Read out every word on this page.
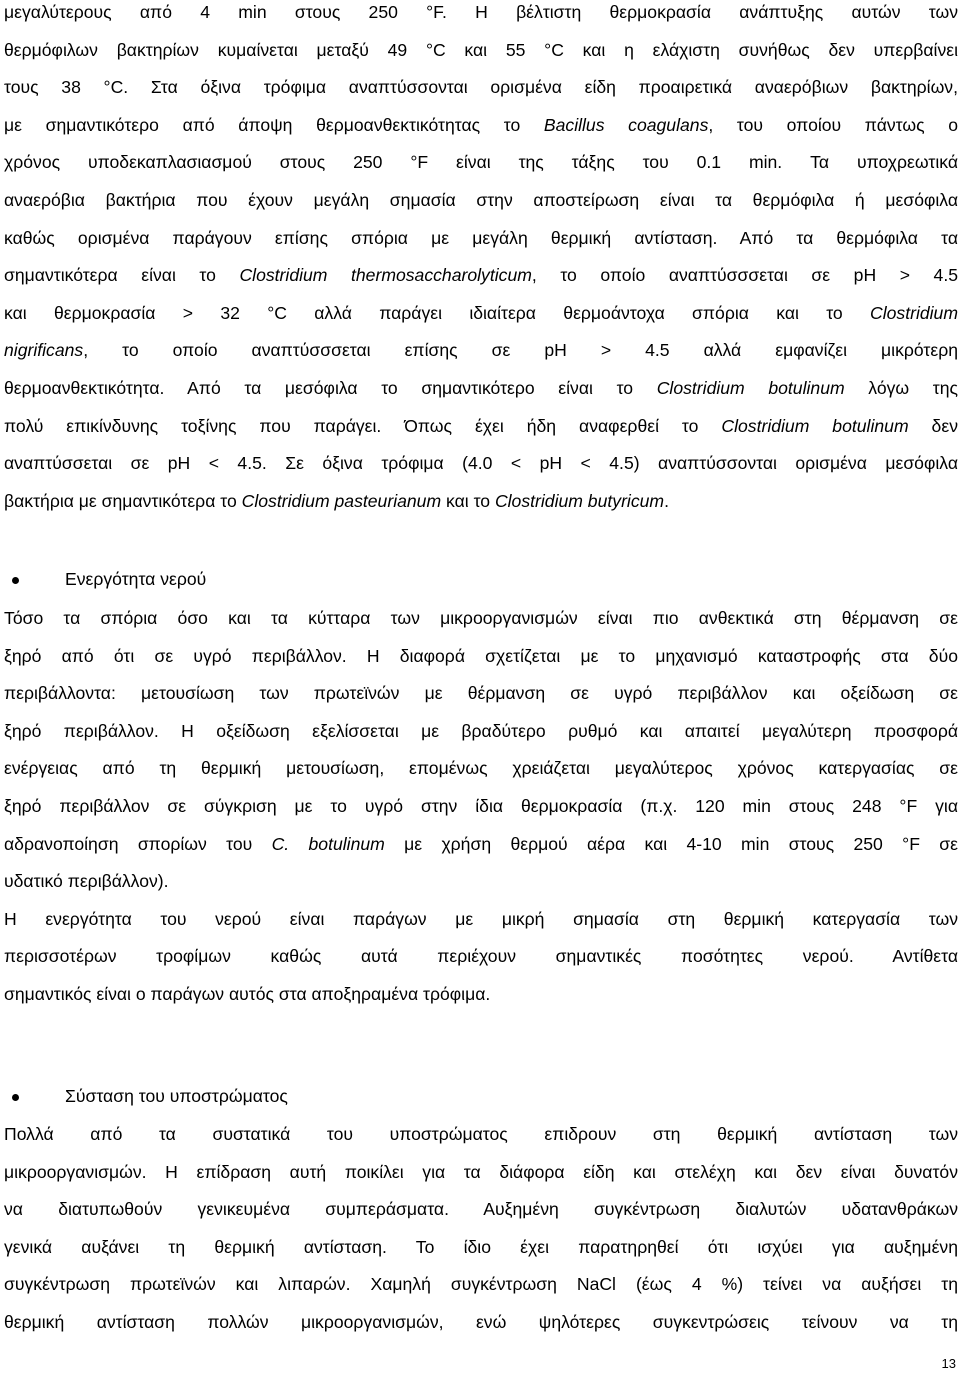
μεγαλύτερους από 4 min στους 250 °F. Η βέλτιστη θερμοκρασία ανάπτυξης αυτών των
θερμόφιλων βακτηρίων κυμαίνεται μεταξύ 49 °C και 55 °C και η ελάχιστη συνήθως δεν υπερβαίνει
τους 38 °C. Στα όξινα τρόφιμα αναπτύσσονται ορισμένα είδη προαιρετικά αναερόβιων βακτηρίων,
με σημαντικότερο από άποψη θερμοανθεκτικότητας το Bacillus coagulans, του οποίου πάντως ο
χρόνος υποδεκαπλασιασμού στους 250 °F είναι της τάξης του 0.1 min. Τα υποχρεωτικά
αναερόβια βακτήρια που έχουν μεγάλη σημασία στην αποστείρωση είναι τα θερμόφιλα ή μεσόφιλα
καθώς ορισμένα παράγουν επίσης σπόρια με μεγάλη θερμική αντίσταση. Από τα θερμόφιλα τα
σημαντικότερα είναι το Clostridium thermosaccharolyticum, το οποίο αναπτύσσσεται σε pH > 4.5
και θερμοκρασία > 32 °C αλλά παράγει ιδιαίτερα θερμοάντοχα σπόρια και το Clostridium
nigrificans, το οποίο αναπτύσσσεται επίσης σε pH > 4.5 αλλά εμφανίζει μικρότερη
θερμοανθεκτικότητα. Από τα μεσόφιλα το σημαντικότερο είναι το Clostridium botulinum λόγω της
πολύ επικίνδυνης τοξίνης που παράγει. Όπως έχει ήδη αναφερθεί το Clostridium botulinum δεν
αναπτύσσεται σε pH < 4.5. Σε όξινα τρόφιμα (4.0 < pH < 4.5) αναπτύσσονται ορισμένα μεσόφιλα
βακτήρια με σημαντικότερα το Clostridium pasteurianum και το Clostridium butyricum.
Ενεργότητα νερού
Τόσο τα σπόρια όσο και τα κύτταρα των μικροοργανισμών είναι πιο ανθεκτικά στη θέρμανση σε
ξηρό από ότι σε υγρό περιβάλλον. Η διαφορά σχετίζεται με το μηχανισμό καταστροφής στα δύο
περιβάλλοντα: μετουσίωση των πρωτεϊνών με θέρμανση σε υγρό περιβάλλον και οξείδωση σε
ξηρό περιβάλλον. Η οξείδωση εξελίσσεται με βραδύτερο ρυθμό και απαιτεί μεγαλύτερη προσφορά
ενέργειας από τη θερμική μετουσίωση, επομένως χρειάζεται μεγαλύτερος χρόνος κατεργασίας σε
ξηρό περιβάλλον σε σύγκριση με το υγρό στην ίδια θερμοκρασία (π.χ. 120 min στους 248 °F για
αδρανοποίηση σπορίων του C. botulinum με χρήση θερμού αέρα και 4-10 min στους 250 °F σε
υδατικό περιβάλλον).
Η ενεργότητα του νερού είναι παράγων με μικρή σημασία στη θερμική κατεργασία των
περισσοτέρων τροφίμων καθώς αυτά περιέχουν σημαντικές ποσότητες νερού. Αντίθετα
σημαντικός είναι ο παράγων αυτός στα αποξηραμένα τρόφιμα.
Σύσταση του υποστρώματος
Πολλά από τα συστατικά του υποστρώματος επιδρουν στη θερμική αντίσταση των
μικροοργανισμών. Η επίδραση αυτή ποικίλει για τα διάφορα είδη και στελέχη και δεν είναι δυνατόν
να διατυπωθούν γενικευμένα συμπεράσματα. Αυξημένη συγκέντρωση διαλυτών υδατανθράκων
γενικά αυξάνει τη θερμική αντίσταση. Το ίδιο έχει παρατηρηθεί ότι ισχύει για αυξημένη
συγκέντρωση πρωτεϊνών και λιπαρών. Χαμηλή συγκέντρωση NaCl (έως 4 %) τείνει να αυξήσει τη
θερμική αντίσταση πολλών μικροοργανισμών, ενώ ψηλότερες συγκεντρώσεις τείνουν να τη
13
